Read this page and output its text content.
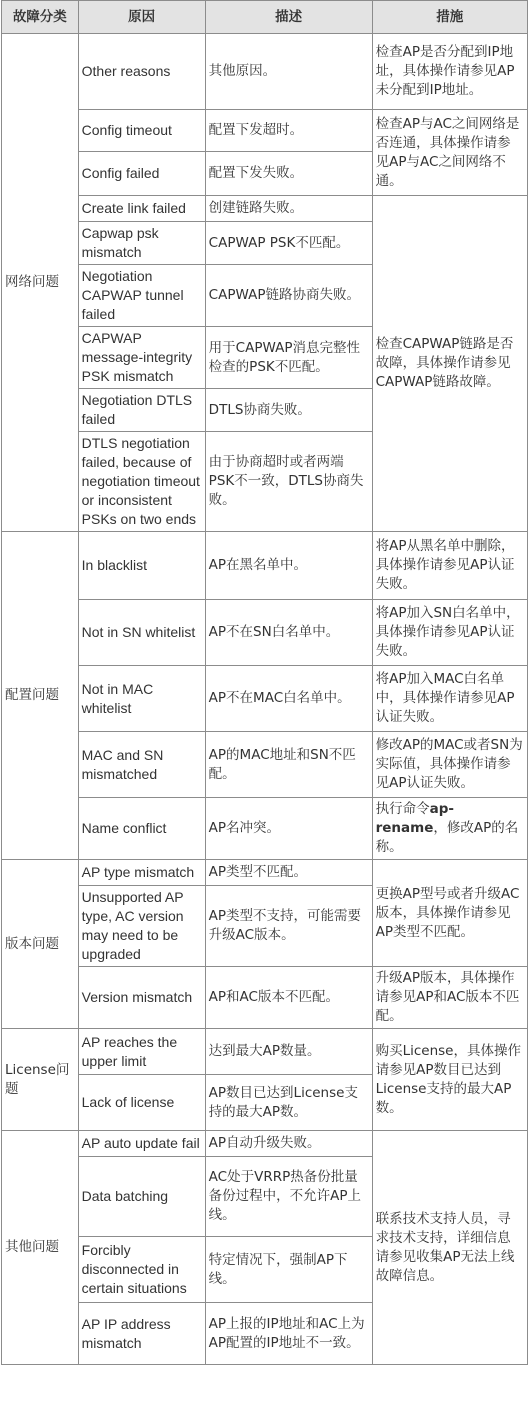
故障分类	原因	描述	措施
网络问题	Other reasons	其他原因。	检查AP是否分配到IP地址，具体操作请参见AP未分配到IP地址。
	Config timeout	配置下发超时。	检查AP与AC之间网络是否连通，具体操作请参见AP与AC之间网络不通。
	Config failed	配置下发失败。	
	Create link failed	创建链路失败。	检查CAPWAP链路是否故障，具体操作请参见CAPWAP链路故障。
	Capwap psk mismatch	CAPWAP PSK不匹配。	
	Negotiation CAPWAP tunnel failed	CAPWAP链路协商失败。	
	CAPWAP message-integrity PSK mismatch	用于CAPWAP消息完整性检查的PSK不匹配。	
	Negotiation DTLS failed	DTLS协商失败。	
	DTLS negotiation failed, because of negotiation timeout or inconsistent PSKs on two ends	由于协商超时或者两端PSK不一致，DTLS协商失败。	
配置问题	In blacklist	AP在黑名单中。	将AP从黑名单中删除，具体操作请参见AP认证失败。
	Not in SN whitelist	AP不在SN白名单中。	将AP加入SN白名单中，具体操作请参见AP认证失败。
	Not in MAC whitelist	AP不在MAC白名单中。	将AP加入MAC白名单中，具体操作请参见AP认证失败。
	MAC and SN mismatched	AP的MAC地址和SN不匹配。	修改AP的MAC或者SN为实际值，具体操作请参见AP认证失败。
	Name conflict	AP名冲突。	执行命令ap-rename，修改AP的名称。
版本问题	AP type mismatch	AP类型不匹配。	更换AP型号或者升级AC版本，具体操作请参见AP类型不匹配。
	Unsupported AP type, AC version may need to be upgraded	AP类型不支持，可能需要升级AC版本。	
	Version mismatch	AP和AC版本不匹配。	升级AP版本，具体操作请参见AP和AC版本不匹配。
License问题	AP reaches the upper limit	达到最大AP数量。	购买License，具体操作请参见AP数目已达到License支持的最大AP数。
	Lack of license	AP数目已达到License支持的最大AP数。	
其他问题	AP auto update fail	AP自动升级失败。	联系技术支持人员，寻求技术支持，详细信息请参见收集AP无法上线故障信息。
	Data batching	AC处于VRRP热备份批量备份过程中，不允许AP上线。	
	Forcibly disconnected in certain situations	特定情况下，强制AP下线。	
	AP IP address mismatch	AP上报的IP地址和AC上为AP配置的IP地址不一致。	
